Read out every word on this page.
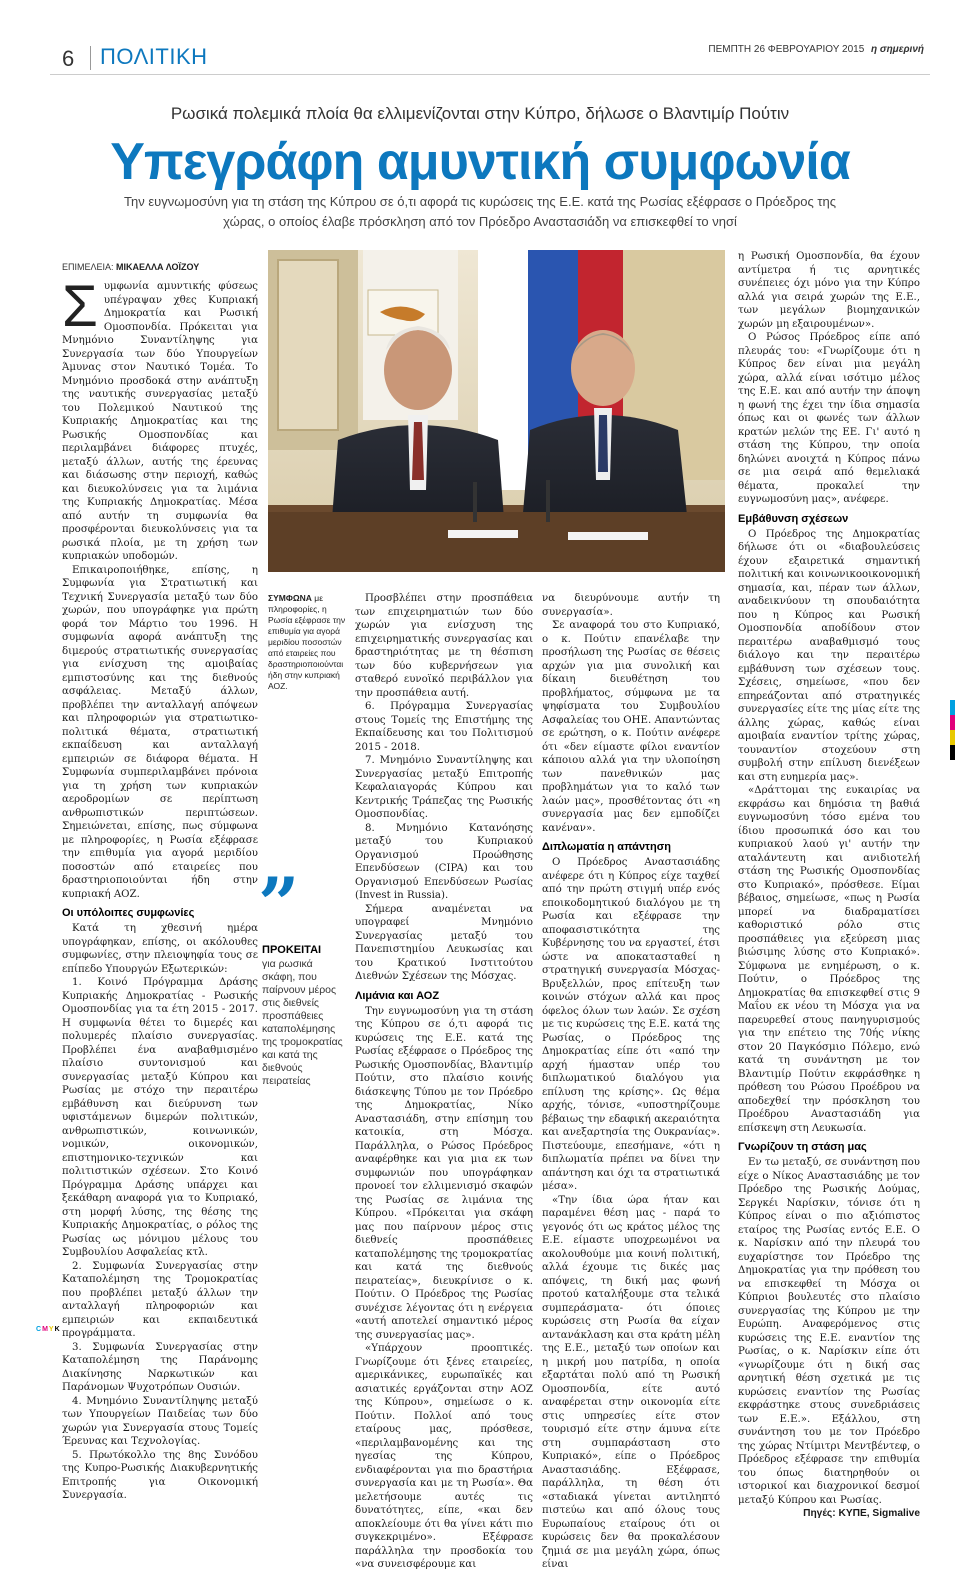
6 ΠΟΛΙΤΙΚΗ	ΠΕΜΠΤΗ 26 ΦΕΒΡΟΥΑΡΙΟΥ 2015 η σημερινή
Ρωσικά πολεμικά πλοία θα ελλιμενίζονται στην Κύπρο, δήλωσε ο Βλαντιμίρ Πούτιν
Υπεγράφη αμυντική συμφωνία
Την ευγνωμοσύνη για τη στάση της Κύπρου σε ό,τι αφορά τις κυρώσεις της Ε.Ε. κατά της Ρωσίας εξέφρασε ο Πρόεδρος της χώρας, ο οποίος έλαβε πρόσκληση από τον Πρόεδρο Αναστασιάδη να επισκεφθεί το νησί
ΕΠΙΜΕΛΕΙΑ: ΜΙΚΑΕΛΛΑ ΛΟΪΖΟΥ

Συμφωνία αμυντικής φύσεως υπέγραψαν χθες Κυπριακή Δημοκρατία και Ρωσική Ομοσπονδία. Πρόκειται για Μνημόνιο Συναντίληψης για Συνεργασία των δύο Υπουργείων Άμυνας στον Ναυτικό Τομέα. Το Μνημόνιο προσδοκά στην ανάπτυξη της ναυτικής συνεργασίας μεταξύ του Πολεμικού Ναυτικού της Κυπριακής Δημοκρατίας και της Ρωσικής Ομοσπονδίας και περιλαμβάνει διάφορες πτυχές, μεταξύ άλλων, αυτής της έρευνας και διάσωσης στην περιοχή, καθώς και διευκολύνσεις για τα λιμάνια της Κυπριακής Δημοκρατίας. Μέσα από αυτήν τη συμφωνία θα προσφέρονται διευκολύνσεις για τα ρωσικά πλοία, με τη χρήση των κυπριακών υποδομών.

Επικαιροποιήθηκε, επίσης, η Συμφωνία για Στρατιωτική και Τεχνική Συνεργασία μεταξύ των δύο χωρών, που υπογράφηκε για πρώτη φορά τον Μάρτιο του 1996. Η συμφωνία αφορά ανάπτυξη της διμερούς στρατιωτικής συνεργασίας για ενίσχυση της αμοιβαίας εμπιστοσύνης και της διεθνούς ασφάλειας. Μεταξύ άλλων, προβλέπει την ανταλλαγή απόψεων και πληροφοριών για στρατιωτικο-πολιτικά θέματα, στρατιωτική εκπαίδευση και ανταλλαγή εμπειριών σε διάφορα θέματα. Η Συμφωνία συμπεριλαμβάνει πρόνοια για τη χρήση των κυπριακών αεροδρομίων σε περίπτωση ανθρωπιστικών περιπτώσεων. Σημειώνεται, επίσης, πως σύμφωνα με πληροφορίες, η Ρωσία εξέφρασε την επιθυμία για αγορά μεριδίου ποσοστών από εταιρείες που δραστηριοποιούνται ήδη στην κυπριακή ΑΟΖ.

Οι υπόλοιπες συμφωνίες

Κατά τη χθεσινή ημέρα υπογράφηκαν, επίσης, οι ακόλουθες συμφωνίες, στην πλειοψηφία τους σε επίπεδο Υπουργών Εξωτερικών:

1. Κοινό Πρόγραμμα Δράσης Κυπριακής Δημοκρατίας - Ρωσικής Ομοσπονδίας για τα έτη 2015 - 2017. Η συμφωνία θέτει το διμερές και πολυμερές πλαίσιο συνεργασίας. Προβλέπει ένα αναβαθμισμένο πλαίσιο συντονισμού και συνεργασίας μεταξύ Κύπρου και Ρωσίας με στόχο την περαιτέρω εμβάθυνση και διεύρυνση των υφιστάμενων διμερών πολιτικών, ανθρωπιστικών, κοινωνικών, νομικών, οικονομικών, επιστημονικο-τεχνικών και πολιτιστικών σχέσεων. Στο Κοινό Πρόγραμμα Δράσης υπάρχει και ξεκάθαρη αναφορά για το Κυπριακό, στη μορφή λύσης, της θέσης της Κυπριακής Δημοκρατίας, ο ρόλος της Ρωσίας ως μόνιμου μέλους του Συμβουλίου Ασφαλείας κτλ.

2. Συμφωνία Συνεργασίας στην Καταπολέμηση της Τρομοκρατίας που προβλέπει μεταξύ άλλων την ανταλλαγή πληροφοριών και εμπειριών και εκπαιδευτικά προγράμματα.

3. Συμφωνία Συνεργασίας στην Καταπολέμηση της Παράνομης Διακίνησης Ναρκωτικών και Παράνομων Ψυχοτρόπων Ουσιών.

4. Μνημόνιο Συναντίληψης μεταξύ των Υπουργείων Παιδείας των δύο χωρών για Συνεργασία στους Τομείς Έρευνας και Τεχνολογίας.

5. Πρωτόκολλο της 8ης Συνόδου της Κυπρο-Ρωσικής Διακυβερνητικής Επιτροπής για Οικονομική Συνεργασία.

ΣΥΜΦΩΝΑ με πληροφορίες, η Ρωσία εξέφρασε την επιθυμία για αγορά μεριδίου ποσοστών από εταιρείες που δραστηριοποιούνται ήδη στην κυπριακή ΑΟΖ.
”
ΠΡΟΚΕΙΤΑΙ
για ρωσικά σκάφη, που παίρνουν μέρος στις διεθνείς προσπάθειες καταπολέμησης της τρομοκρατίας και κατά της διεθνούς πειρατείας

Προσβλέπει στην προσπάθεια των επιχειρηματιών των δύο χωρών για ενίσχυση της επιχειρηματικής συνεργασίας και δραστηριότητας με τη θέσπιση των δύο κυβερνήσεων για σταθερό ευνοϊκό περιβάλλον για την προσπάθεια αυτή.

6. Πρόγραμμα Συνεργασίας στους Τομείς της Επιστήμης της Εκπαίδευσης και του Πολιτισμού 2015 - 2018.

7. Μνημόνιο Συναντίληψης και Συνεργασίας μεταξύ Επιτροπής Κεφαλαιαγοράς Κύπρου και Κεντρικής Τράπεζας της Ρωσικής Ομοσπονδίας.

8. Μνημόνιο Κατανόησης μεταξύ του Κυπριακού Οργανισμού Προώθησης Επενδύσεων (CIPA) και του Οργανισμού Επενδύσεων Ρωσίας (Invest in Russia).

Σήμερα αναμένεται να υπογραφεί Μνημόνιο Συνεργασίας μεταξύ του Πανεπιστημίου Λευκωσίας και του Κρατικού Ινστιτούτου Διεθνών Σχέσεων της Μόσχας.

Λιμάνια και ΑΟΖ

Την ευγνωμοσύνη για τη στάση της Κύπρου σε ό,τι αφορά τις κυρώσεις της Ε.Ε. κατά της Ρωσίας εξέφρασε ο Πρόεδρος της Ρωσικής Ομοσπονδίας, Βλαντιμίρ Πούτιν, στο πλαίσιο κοινής διάσκεψης Τύπου με τον Πρόεδρο της Δημοκρατίας, Νίκο Αναστασιάδη, στην επίσημη του κατοικία, στη Μόσχα. Παράλληλα, ο Ρώσος Πρόεδρος αναφέρθηκε και για μια εκ των συμφωνιών που υπογράφηκαν προνοεί τον ελλιμενισμό σκαφών της Ρωσίας σε λιμάνια της Κύπρου. «Πρόκειται για σκάφη μας που παίρνουν μέρος στις διεθνείς προσπάθειες καταπολέμησης της τρομοκρατίας και κατά της διεθνούς πειρατείας», διευκρίνισε ο κ. Πούτιν. Ο Πρόεδρος της Ρωσίας συνέχισε λέγοντας ότι η ενέργεια «αυτή αποτελεί σημαντικό μέρος της συνεργασίας μας».

«Υπάρχουν προοπτικές. Γνωρίζουμε ότι ξένες εταιρείες, αμερικάνικες, ευρωπαϊκές και ασιατικές εργάζονται στην ΑΟΖ της Κύπρου», σημείωσε ο κ. Πούτιν. Πολλοί από τους εταίρους μας, πρόσθεσε, «περιλαμβανομένης και της ηγεσίας της Κύπρου, ενδιαφέρονται για πιο δραστήρια συνεργασία και με τη Ρωσία». Θα μελετήσουμε αυτές τις δυνατότητες, είπε, «και δεν αποκλείουμε ότι θα γίνει κάτι πιο συγκεκριμένο». Εξέφρασε παράλληλα την προσδοκία του «να συνεισφέρουμε και

να διευρύνουμε αυτήν τη συνεργασία».

Σε αναφορά του στο Κυπριακό, ο κ. Πούτιν επανέλαβε την προσήλωση της Ρωσίας σε θέσεις αρχών για μια συνολική και δίκαιη διευθέτηση του προβλήματος, σύμφωνα με τα ψηφίσματα του Συμβουλίου Ασφαλείας του ΟΗΕ. Απαντώντας σε ερώτηση, ο κ. Πούτιν ανέφερε ότι «δεν είμαστε φίλοι εναντίον κάποιου αλλά για την υλοποίηση των πανεθνικών μας προβλημάτων για το καλό των λαών μας», προσθέτοντας ότι «η συνεργασία μας δεν εμποδίζει κανέναν».

Διπλωματία η απάντηση

Ο Πρόεδρος Αναστασιάδης ανέφερε ότι η Κύπρος είχε ταχθεί από την πρώτη στιγμή υπέρ ενός εποικοδομητικού διαλόγου με τη Ρωσία και εξέφρασε την αποφασιστικότητα της Κυβέρνησης του να εργαστεί, έτσι ώστε να αποκατασταθεί η στρατηγική συνεργασία Μόσχας-Βρυξελλών, προς επίτευξη των κοινών στόχων αλλά και προς όφελος όλων των λαών. Σε σχέση με τις κυρώσεις της Ε.Ε. κατά της Ρωσίας, ο Πρόεδρος της Δημοκρατίας είπε ότι «από την αρχή ήμασταν υπέρ του διπλωματικού διαλόγου για επίλυση της κρίσης». Ως θέμα αρχής, τόνισε, «υποστηρίζουμε βέβαιως την εδαφική ακεραιότητα και ανεξαρτησία της Ουκρανίας». Πιστεύουμε, επεσήμανε, «ότι η διπλωματία πρέπει να δίνει την απάντηση και όχι τα στρατιωτικά μέσα».

«Την ίδια ώρα ήταν και παραμένει θέση μας - παρά το γεγονός ότι ως κράτος μέλος της Ε.Ε. είμαστε υποχρεωμένοι να ακολουθούμε μια κοινή πολιτική, αλλά έχουμε τις δικές μας απόψεις, τη δική μας φωνή προτού καταλήξουμε στα τελικά συμπεράσματα- ότι όποιες κυρώσεις στη Ρωσία θα είχαν αντανάκλαση και στα κράτη μέλη της Ε.Ε., μεταξύ των οποίων και η μικρή μου πατρίδα, η οποία εξαρτάται πολύ από τη Ρωσική Ομοσπονδία, είτε αυτό αναφέρεται στην οικονομία είτε στις υπηρεσίες είτε στον τουρισμό είτε στην άμυνα είτε στη συμπαράσταση στο Κυπριακό», είπε ο Πρόεδρος Αναστασιάδης. Εξέφρασε, παράλληλα, τη θέση ότι «σταδιακά γίνεται αντιληπτό πιστεύω και από όλους τους Ευρωπαίους εταίρους ότι οι κυρώσεις δεν θα προκαλέσουν ζημιά σε μια μεγάλη χώρα, όπως είναι

η Ρωσική Ομοσπονδία, θα έχουν αντίμετρα ή τις αρνητικές συνέπειες όχι μόνο για την Κύπρο αλλά για σειρά χωρών της Ε.Ε., των μεγάλων βιομηχανικών χωρών μη εξαιρουμένων».

Ο Ρώσος Πρόεδρος είπε από πλευράς του: «Γνωρίζουμε ότι η Κύπρος δεν είναι μια μεγάλη χώρα, αλλά είναι ισότιμο μέλος της Ε.Ε. και από αυτήν την άποψη η φωνή της έχει την ίδια σημασία όπως και οι φωνές των άλλων κρατών μελών της ΕΕ. Γι' αυτό η στάση της Κύπρου, την οποία δηλώνει ανοιχτά η Κύπρος πάνω σε μια σειρά από θεμελιακά θέματα, προκαλεί την ευγνωμοσύνη μας», ανέφερε.

Εμβάθυνση σχέσεων

Ο Πρόεδρος της Δημοκρατίας δήλωσε ότι οι «διαβουλεύσεις έχουν εξαιρετικά σημαντική πολιτική και κοινωνικοοικονομική σημασία, και, πέραν των άλλων, αναδεικνύουν τη σπουδαιότητα που η Κύπρος και Ρωσική Ομοσπονδία αποδίδουν στον περαιτέρω αναβαθμισμό τους διάλογο και την περαιτέρω εμβάθυνση των σχέσεων τους. Σχέσεις, σημείωσε, «που δεν επηρεάζονται από στρατηγικές συνεργασίες είτε της μίας είτε της άλλης χώρας, καθώς είναι αμοιβαία εναντίον τρίτης χώρας, τουναντίον στοχεύουν στη συμβολή στην επίλυση διενέξεων και στη ευημερία μας».

«Δράττομαι της ευκαιρίας να εκφράσω και δημόσια τη βαθιά ευγνωμοσύνη τόσο εμένα του ίδιου προσωπικά όσο και του κυπριακού λαού γι' αυτήν την αταλάντευτη και ανιδιοτελή στάση της Ρωσικής Ομοσπονδίας στο Κυπριακό», πρόσθεσε. Είμαι βέβαιος, σημείωσε, «πως η Ρωσία μπορεί να διαδραματίσει καθοριστικό ρόλο στις προσπάθειες για εξεύρεση μιας βιώσιμης λύσης στο Κυπριακό». Σύμφωνα με ενημέρωση, ο κ. Πούτιν, ο Πρόεδρος της Δημοκρατίας θα επισκεφθεί στις 9 Μαΐου εκ νέου τη Μόσχα για να παρευρεθεί στους πανηγυρισμούς για την επέτειο της 70ής νίκης στον 20 Παγκόσμιο Πόλεμο, ενώ κατά τη συνάντηση με τον Βλαντιμίρ Πούτιν εκφράσθηκε η πρόθεση του Ρώσου Προέδρου να αποδεχθεί την πρόσκληση του Προέδρου Αναστασιάδη για επίσκεψη στη Λευκωσία.

Γνωρίζουν τη στάση μας

Εν τω μεταξύ, σε συνάντηση που είχε ο Νίκος Αναστασιάδης με τον Πρόεδρο της Ρωσικής Δούμας, Σεργκέι Ναρίσκιν, τόνισε ότι η Κύπρος είναι ο πιο αξιόπιστος εταίρος της Ρωσίας εντός Ε.Ε. Ο κ. Ναρίσκιν από την πλευρά του ευχαρίστησε τον Πρόεδρο της Δημοκρατίας για την πρόθεση του να επισκεφθεί τη Μόσχα οι Κύπριοι βουλευτές στο πλαίσιο συνεργασίας της Κύπρου με την Ευρώπη. Αναφερόμενος στις κυρώσεις της Ε.Ε. εναντίον της Ρωσίας, ο κ. Ναρίσκιν είπε ότι «γνωρίζουμε ότι η δική σας αρνητική θέση σχετικά με τις κυρώσεις εναντίον της Ρωσίας εκφράστηκε στους συνεδριάσεις των Ε.Ε.». Εξάλλου, στη συνάντηση του με τον Πρόεδρο της χώρας Ντίμιτρι Μεντβέντεφ, ο Πρόεδρος εξέφρασε την επιθυμία του όπως διατηρηθούν οι ιστορικοί και διαχρονικοί δεσμοί μεταξύ Κύπρου και Ρωσίας.

Πηγές: ΚΥΠΕ, Sigmalive

CMYK
